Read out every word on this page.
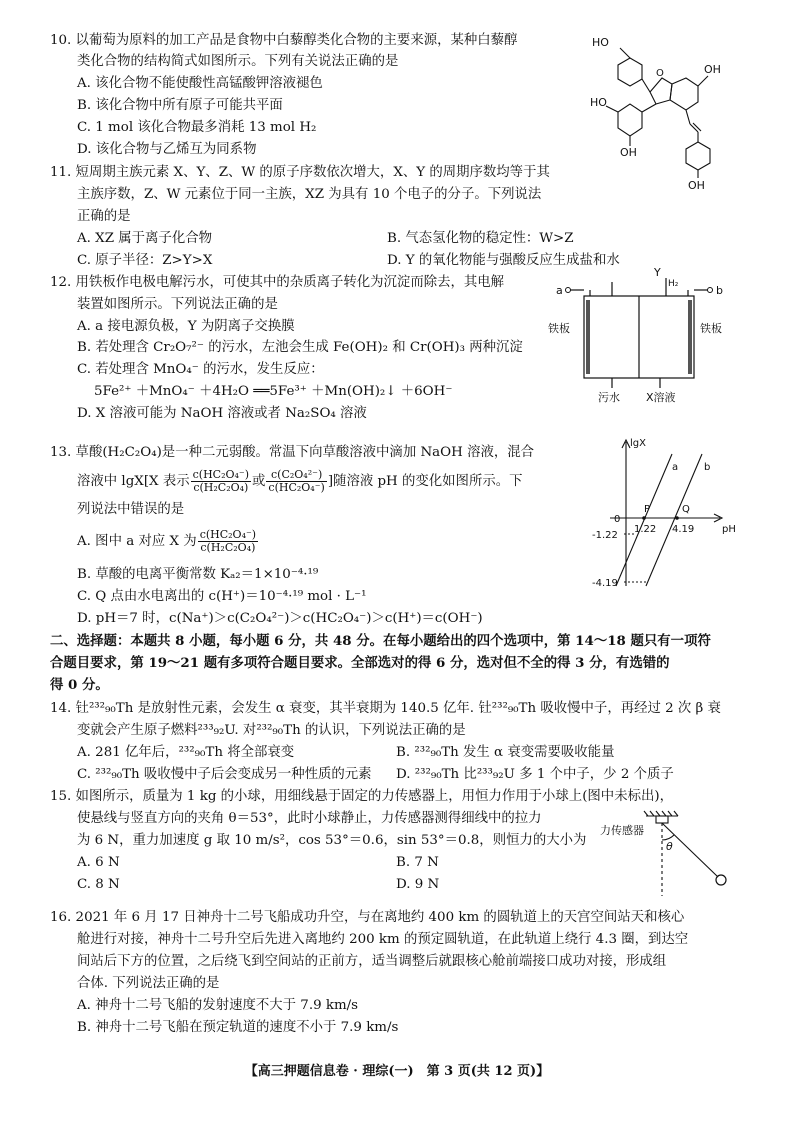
10. 以葡萄为原料的加工产品是食物中白藜醇类化合物的主要来源，某种白藜醇
类化合物的结构简式如图所示。下列有关说法正确的是
A. 该化合物不能使酸性高锰酸钾溶液褪色
B. 该化合物中所有原子可能共平面
C. 1 mol 该化合物最多消耗 13 mol H₂
D. 该化合物与乙烯互为同系物
HO
O	OH
HO
OH
OH
11. 短周期主族元素 X、Y、Z、W 的原子序数依次增大，X、Y 的周期序数均等于其
主族序数，Z、W 元素位于同一主族，XZ 为具有 10 个电子的分子。下列说法
正确的是
A. XZ 属于离子化合物	B. 气态氢化物的稳定性：W>Z
C. 原子半径：Z>Y>X	D. Y 的氧化物能与强酸反应生成盐和水
12. 用铁板作电极电解污水，可使其中的杂质离子转化为沉淀而除去，其电解
装置如图所示。下列说法正确的是
A. a 接电源负极，Y 为阴离子交换膜
B. 若处理含 Cr₂O₇²⁻ 的污水，左池会生成 Fe(OH)₂ 和 Cr(OH)₃ 两种沉淀
C. 若处理含 MnO₄⁻ 的污水，发生反应：
5Fe²⁺ ＋MnO₄⁻ ＋4H₂O ══5Fe³⁺ ＋Mn(OH)₂↓ ＋6OH⁻
D. X 溶液可能为 NaOH 溶液或者 Na₂SO₄ 溶液
a	b
Y
H₂
铁板	铁板
污水 X溶液
13. 草酸(H₂C₂O₄)是一种二元弱酸。常温下向草酸溶液中滴加 NaOH 溶液，混合
溶液中 lgX[X 表示 $\frac{\text{c(HC₂O₄⁻)}}{\text{c(H₂C₂O₄)}}$ 或 $\frac{\text{c(C₂O₄²⁻)}}{\text{c(HC₂O₄⁻)}}$ ]随溶液 pH 的变化如图所示。下
列说法中错误的是
A. 图中 a 对应 X 为 $\frac{\text{c(HC₂O₄⁻)}}{\text{c(H₂C₂O₄)}}$
B. 草酸的电离平衡常数 Kₐ₂＝1×10⁻⁴·¹⁹
C. Q 点由水电离出的 c(H⁺)＝10⁻⁴·¹⁹ mol · L⁻¹
D. pH＝7 时，c(Na⁺)＞c(C₂O₄²⁻)＞c(HC₂O₄⁻)＞c(H⁺)＝c(OH⁻)
lgX
pH
0
a	b
P	Q
1.22 4.19
-1.22
-4.19
二、选择题：本题共 8 小题，每小题 6 分，共 48 分。在每小题给出的四个选项中，第 14～18 题只有一项符
合题目要求，第 19～21 题有多项符合题目要求。全部选对的得 6 分，选对但不全的得 3 分，有选错的
得 0 分。
14. 钍²³²₉₀Th 是放射性元素，会发生 α 衰变，其半衰期为 140.5 亿年. 钍²³²₉₀Th 吸收慢中子，再经过 2 次 β 衰
变就会产生原子燃料²³³₉₂U. 对²³²₉₀Th 的认识，下列说法正确的是
A. 281 亿年后，²³²₉₀Th 将全部衰变	B. ²³²₉₀Th 发生 α 衰变需要吸收能量
C. ²³²₉₀Th 吸收慢中子后会变成另一种性质的元素 D. ²³²₉₀Th 比²³³₉₂U 多 1 个中子，少 2 个质子
15. 如图所示，质量为 1 kg 的小球，用细线悬于固定的力传感器上，用恒力作用于小球上(图中未标出)，
使悬线与竖直方向的夹角 θ＝53°，此时小球静止，力传感器测得细线中的拉力
为 6 N，重力加速度 g 取 10 m/s²，cos 53°＝0.6，sin 53°＝0.8，则恒力的大小为
A. 6 N	B. 7 N
C. 8 N	D. 9 N
力传感器
θ
16. 2021 年 6 月 17 日神舟十二号飞船成功升空，与在离地约 400 km 的圆轨道上的天宫空间站天和核心
舱进行对接，神舟十二号升空后先进入离地约 200 km 的预定圆轨道，在此轨道上绕行 4.3 圈，到达空
间站后下方的位置，之后绕飞到空间站的正前方，适当调整后就跟核心舱前端接口成功对接，形成组
合体. 下列说法正确的是
A. 神舟十二号飞船的发射速度不大于 7.9 km/s
B. 神舟十二号飞船在预定轨道的速度不小于 7.9 km/s
【高三押题信息卷 · 理综(一)　第 3 页(共 12 页)】
